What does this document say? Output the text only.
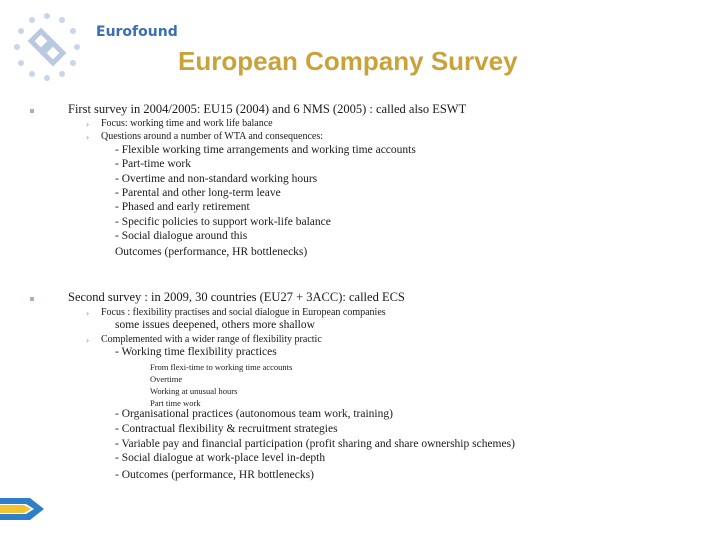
Eurofound
European Company Survey
First survey in 2004/2005: EU15 (2004) and 6 NMS (2005) : called also ESWT
› Focus: working time and work life balance
› Questions around a number of WTA and consequences:
- Flexible working time arrangements and working time accounts
- Part-time work
- Overtime and non-standard working hours
- Parental and other long-term leave
- Phased and early retirement
- Specific policies to support work-life balance
- Social dialogue around this
Outcomes (performance, HR bottlenecks)
Second survey : in 2009, 30 countries (EU27 + 3ACC): called ECS
› Focus : flexibility practises and social dialogue in European companies
some issues deepened, others more shallow
› Complemented with a wider range of flexibility practic
- Working time flexibility practices
From flexi-time to working time accounts
Overtime
Working at unusual hours
Part time work
- Organisational practices (autonomous team work, training)
- Contractual flexibility & recruitment strategies
- Variable pay and financial participation (profit sharing and share ownership schemes)
- Social dialogue at work-place level in-depth
- Outcomes (performance, HR bottlenecks)
